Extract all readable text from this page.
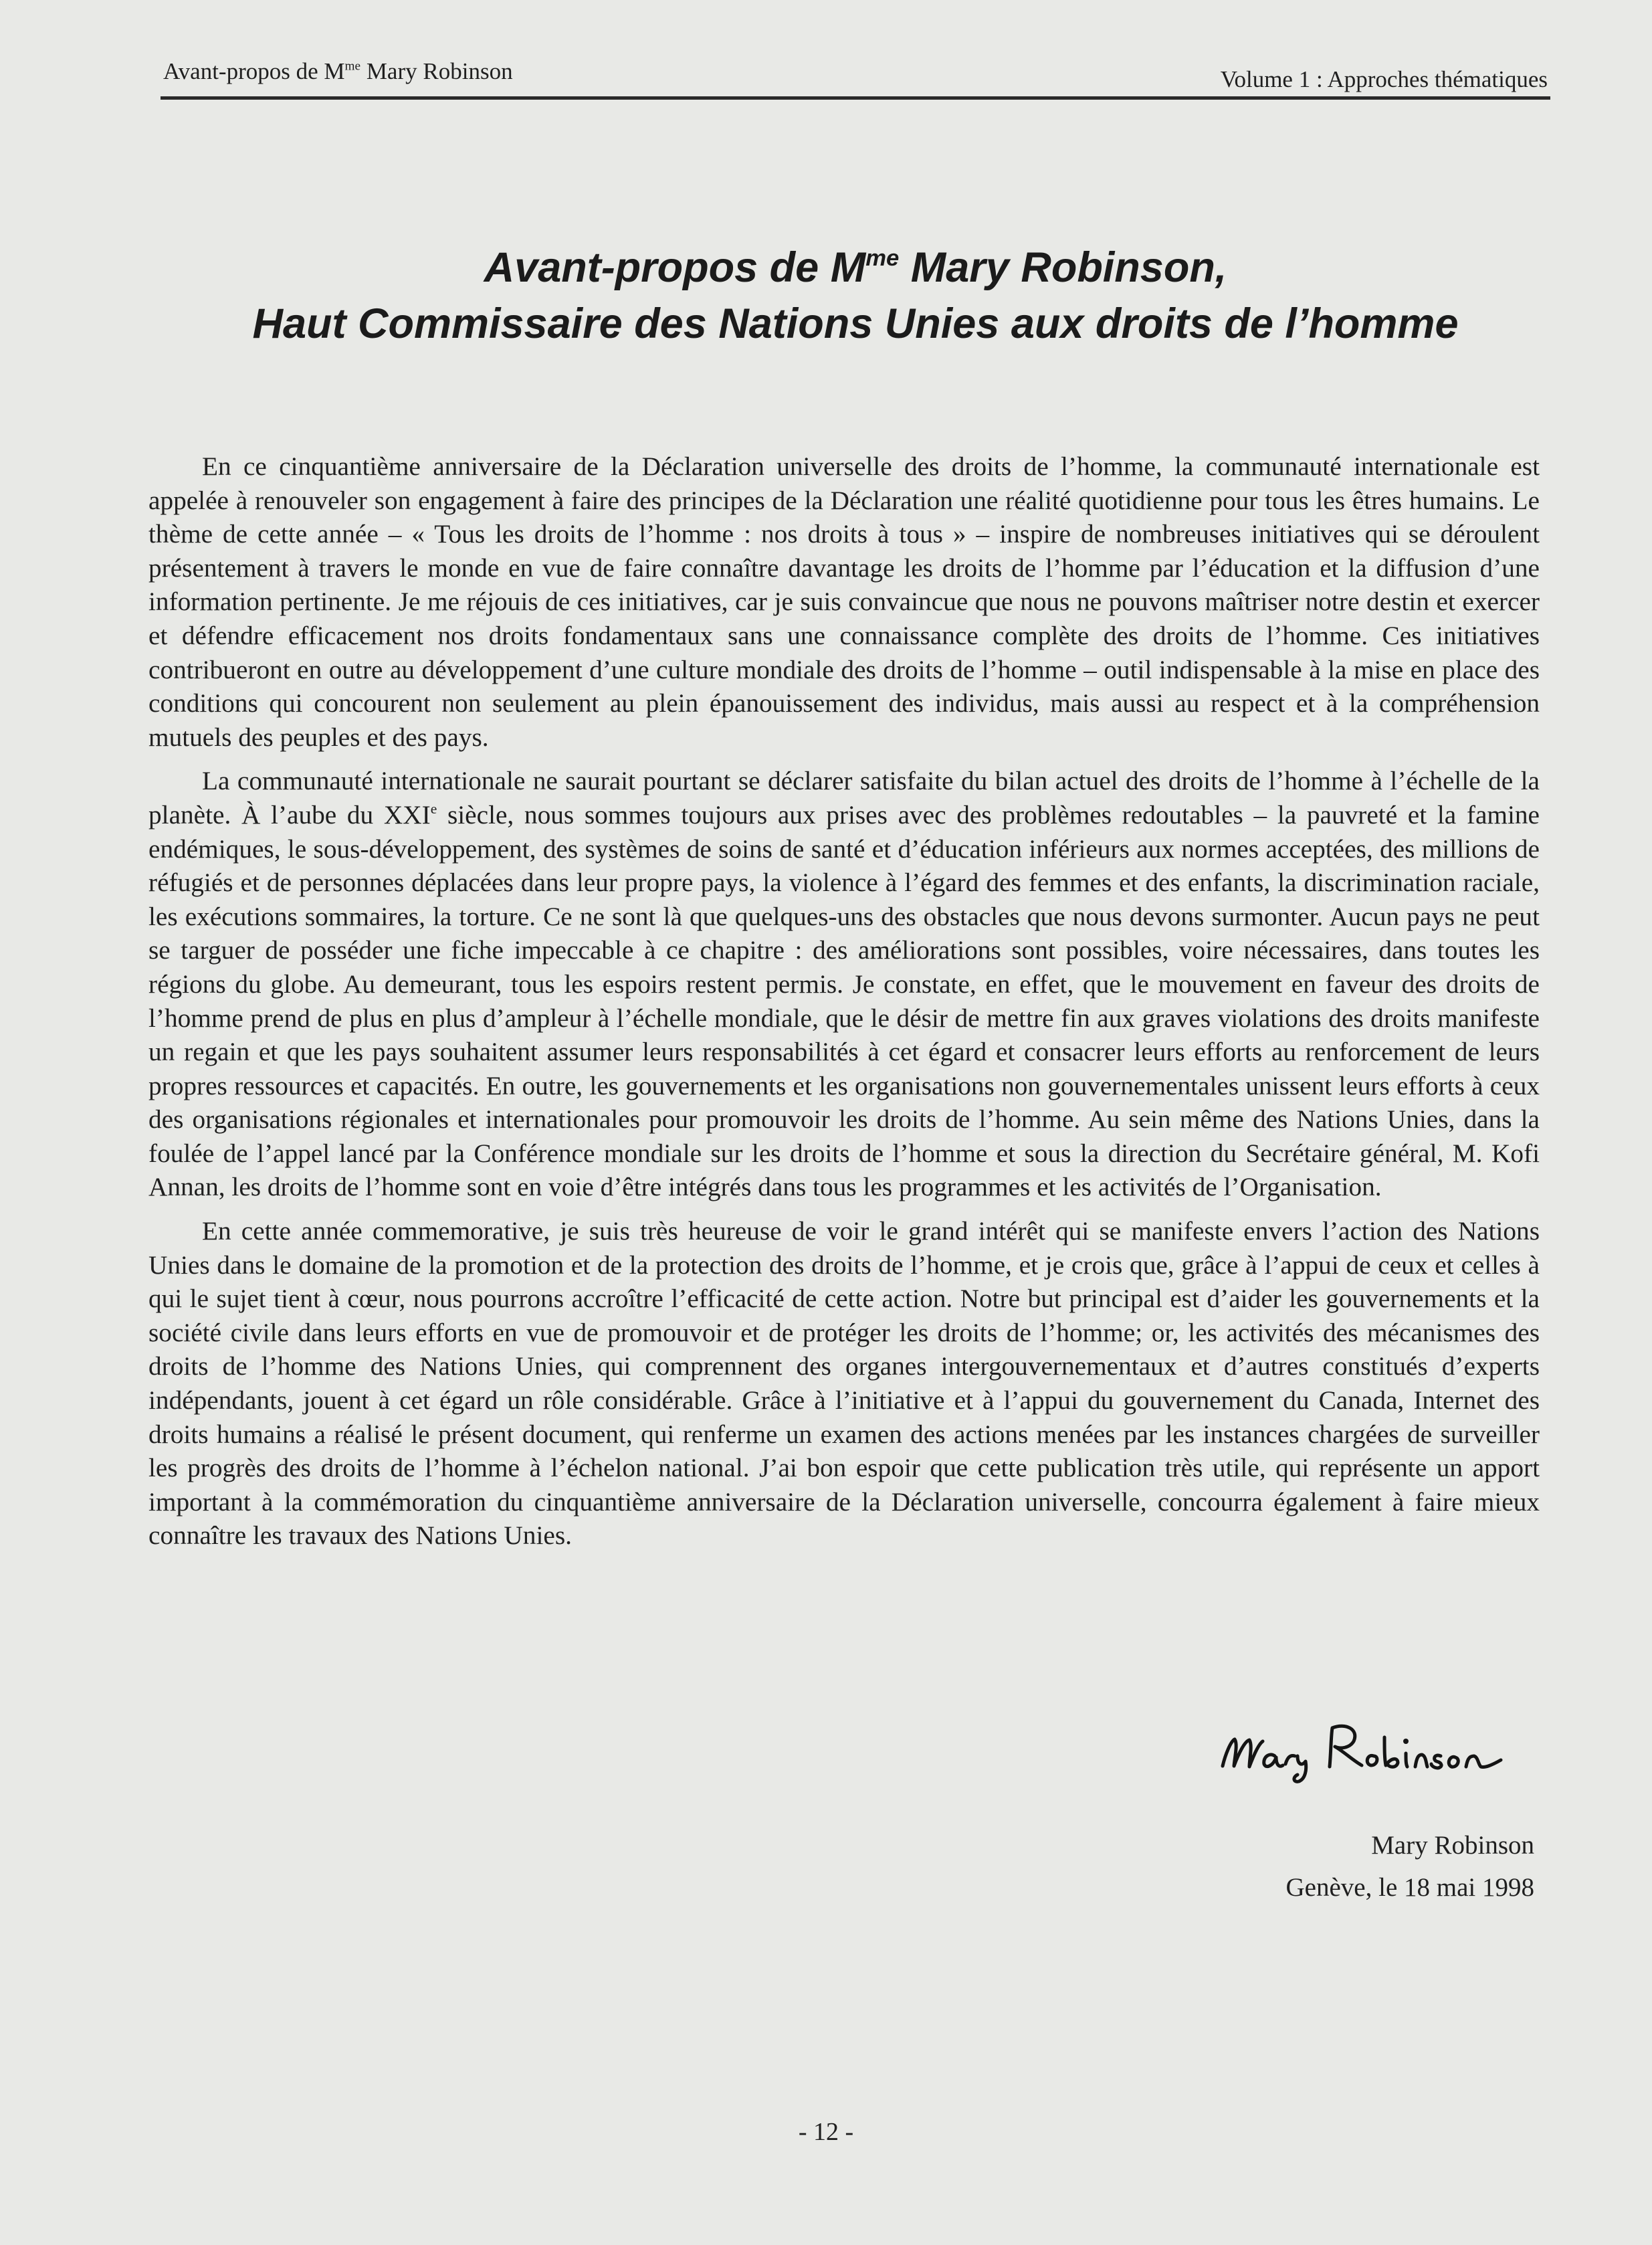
Avant-propos de $M^{me}$ Mary Robinson	Volume 1 : Approches thématiques
Avant-propos de $M^{me}$ Mary Robinson,
Haut Commissaire des Nations Unies aux droits de l’homme

En ce cinquantième anniversaire de la Déclaration universelle des droits de l’homme, la communauté internationale est appelée à renouveler son engagement à faire des principes de la Déclaration une réalité quotidienne pour tous les êtres humains. Le thème de cette année – « Tous les droits de l’homme : nos droits à tous » – inspire de nombreuses initiatives qui se déroulent présentement à travers le monde en vue de faire connaître davantage les droits de l’homme par l’éducation et la diffusion d’une information pertinente. Je me réjouis de ces initiatives, car je suis convaincue que nous ne pouvons maîtriser notre destin et exercer et défendre efficacement nos droits fondamentaux sans une connaissance complète des droits de l’homme. Ces initiatives contribueront en outre au développement d’une culture mondiale des droits de l’homme – outil indispensable à la mise en place des conditions qui concourent non seulement au plein épanouissement des individus, mais aussi au respect et à la compréhension mutuels des peuples et des pays.

La communauté internationale ne saurait pourtant se déclarer satisfaite du bilan actuel des droits de l’homme à l’échelle de la planète. À l’aube du XXIe siècle, nous sommes toujours aux prises avec des problèmes redoutables – la pauvreté et la famine endémiques, le sous-développement, des systèmes de soins de santé et d’éducation inférieurs aux normes acceptées, des millions de réfugiés et de personnes déplacées dans leur propre pays, la violence à l’égard des femmes et des enfants, la discrimination raciale, les exécutions sommaires, la torture. Ce ne sont là que quelques-uns des obstacles que nous devons surmonter. Aucun pays ne peut se targuer de posséder une fiche impeccable à ce chapitre : des améliorations sont possibles, voire nécessaires, dans toutes les régions du globe. Au demeurant, tous les espoirs restent permis. Je constate, en effet, que le mouvement en faveur des droits de l’homme prend de plus en plus d’ampleur à l’échelle mondiale, que le désir de mettre fin aux graves violations des droits manifeste un regain et que les pays souhaitent assumer leurs responsabilités à cet égard et consacrer leurs efforts au renforcement de leurs propres ressources et capacités. En outre, les gouvernements et les organisations non gouvernementales unissent leurs efforts à ceux des organisations régionales et internationales pour promouvoir les droits de l’homme. Au sein même des Nations Unies, dans la foulée de l’appel lancé par la Conférence mondiale sur les droits de l’homme et sous la direction du Secrétaire général, M. Kofi Annan, les droits de l’homme sont en voie d’être intégrés dans tous les programmes et les activités de l’Organisation.

En cette année commemorative, je suis très heureuse de voir le grand intérêt qui se manifeste envers l’action des Nations Unies dans le domaine de la promotion et de la protection des droits de l’homme, et je crois que, grâce à l’appui de ceux et celles à qui le sujet tient à cœur, nous pourrons accroître l’efficacité de cette action. Notre but principal est d’aider les gouvernements et la société civile dans leurs efforts en vue de promouvoir et de protéger les droits de l’homme; or, les activités des mécanismes des droits de l’homme des Nations Unies, qui comprennent des organes intergouvernementaux et d’autres constitués d’experts indépendants, jouent à cet égard un rôle considérable. Grâce à l’initiative et à l’appui du gouvernement du Canada, Internet des droits humains a réalisé le présent document, qui renferme un examen des actions menées par les instances chargées de surveiller les progrès des droits de l’homme à l’échelon national. J’ai bon espoir que cette publication très utile, qui représente un apport important à la commémoration du cinquantième anniversaire de la Déclaration universelle, concourra également à faire mieux connaître les travaux des Nations Unies.

Mary Robinson
Genève, le 18 mai 1998
- 12 -
